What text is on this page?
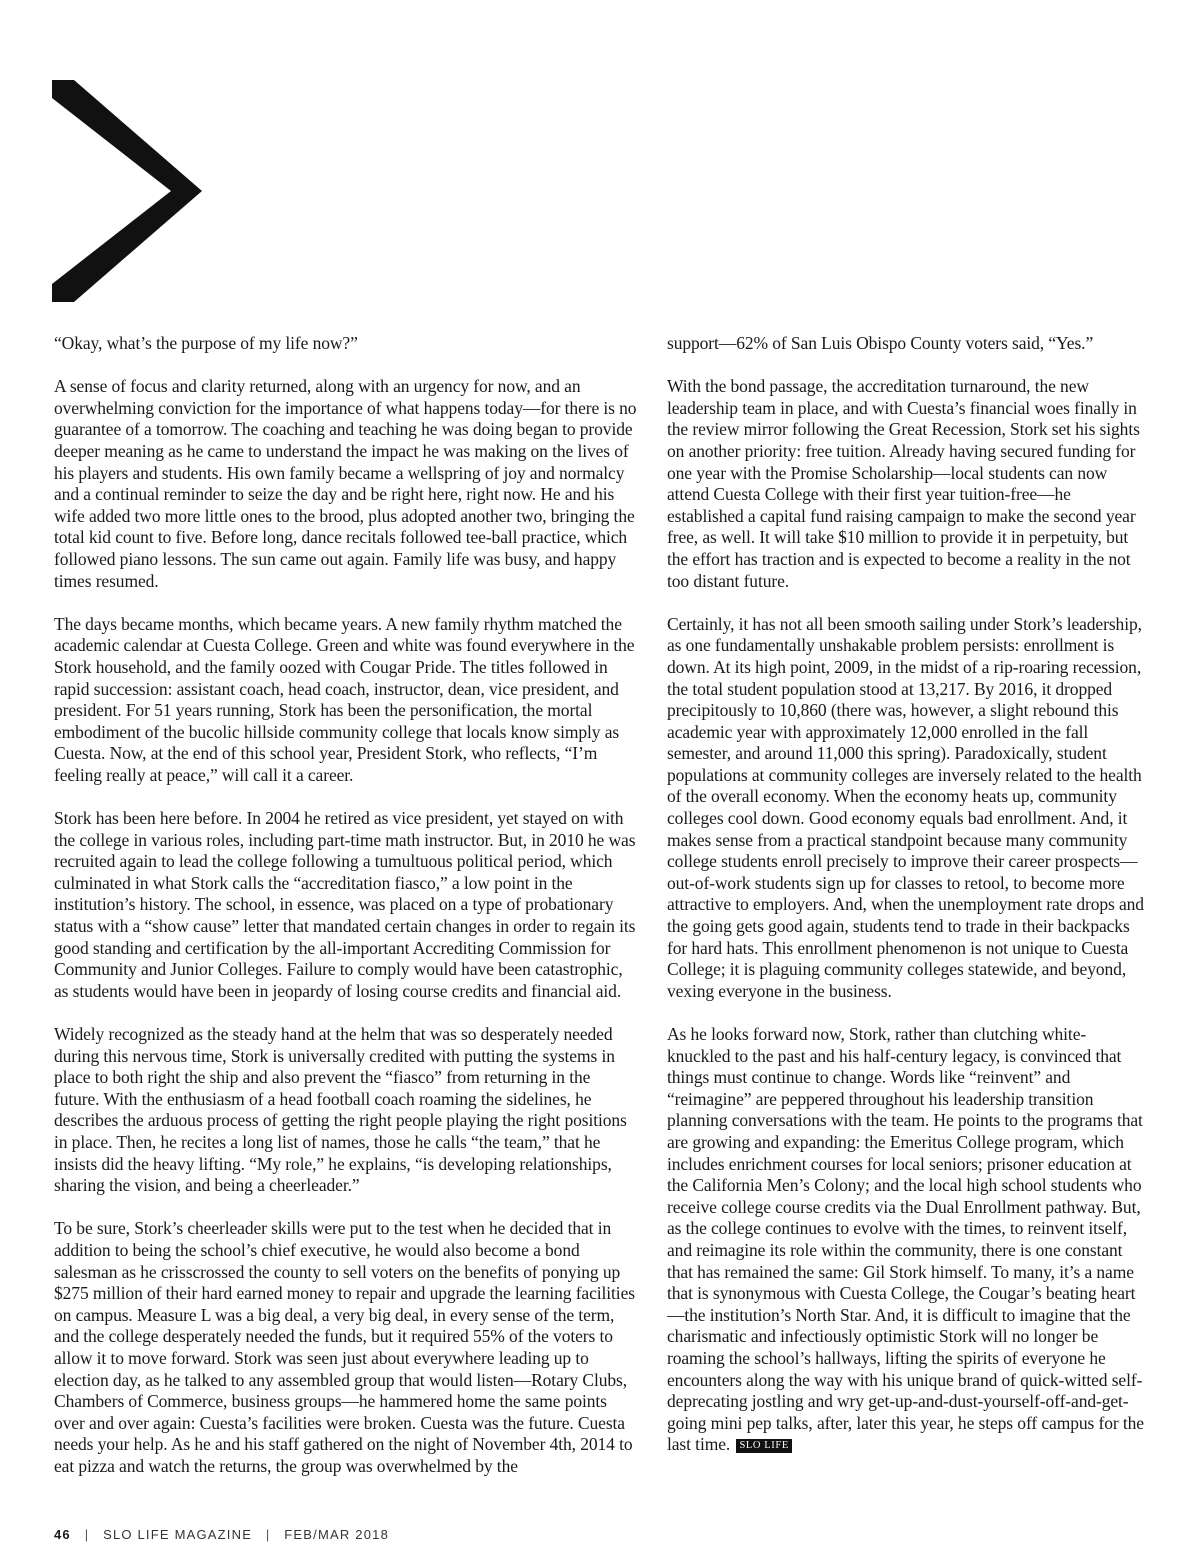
“Okay, what’s the purpose of my life now?”

A sense of focus and clarity returned, along with an urgency for now, and an overwhelming conviction for the importance of what happens today—for there is no guarantee of a tomorrow. The coaching and teaching he was doing began to provide deeper meaning as he came to understand the impact he was making on the lives of his players and students. His own family became a wellspring of joy and normalcy and a continual reminder to seize the day and be right here, right now. He and his wife added two more little ones to the brood, plus adopted another two, bringing the total kid count to five. Before long, dance recitals followed tee-ball practice, which followed piano lessons. The sun came out again. Family life was busy, and happy times resumed.

The days became months, which became years. A new family rhythm matched the academic calendar at Cuesta College. Green and white was found everywhere in the Stork household, and the family oozed with Cougar Pride. The titles followed in rapid succession: assistant coach, head coach, instructor, dean, vice president, and president. For 51 years running, Stork has been the personification, the mortal embodiment of the bucolic hillside community college that locals know simply as Cuesta. Now, at the end of this school year, President Stork, who reflects, “I’m feeling really at peace,” will call it a career.

Stork has been here before. In 2004 he retired as vice president, yet stayed on with the college in various roles, including part-time math instructor. But, in 2010 he was recruited again to lead the college following a tumultuous political period, which culminated in what Stork calls the “accreditation fiasco,” a low point in the institution’s history. The school, in essence, was placed on a type of probationary status with a “show cause” letter that mandated certain changes in order to regain its good standing and certification by the all-important Accrediting Commission for Community and Junior Colleges. Failure to comply would have been catastrophic, as students would have been in jeopardy of losing course credits and financial aid.

Widely recognized as the steady hand at the helm that was so desperately needed during this nervous time, Stork is universally credited with putting the systems in place to both right the ship and also prevent the “fiasco” from returning in the future. With the enthusiasm of a head football coach roaming the sidelines, he describes the arduous process of getting the right people playing the right positions in place. Then, he recites a long list of names, those he calls “the team,” that he insists did the heavy lifting. “My role,” he explains, “is developing relationships, sharing the vision, and being a cheerleader.”

To be sure, Stork’s cheerleader skills were put to the test when he decided that in addition to being the school’s chief executive, he would also become a bond salesman as he crisscrossed the county to sell voters on the benefits of ponying up $275 million of their hard earned money to repair and upgrade the learning facilities on campus. Measure L was a big deal, a very big deal, in every sense of the term, and the college desperately needed the funds, but it required 55% of the voters to allow it to move forward. Stork was seen just about everywhere leading up to election day, as he talked to any assembled group that would listen—Rotary Clubs, Chambers of Commerce, business groups—he hammered home the same points over and over again: Cuesta’s facilities were broken. Cuesta was the future. Cuesta needs your help. As he and his staff gathered on the night of November 4th, 2014 to eat pizza and watch the returns, the group was overwhelmed by the

support—62% of San Luis Obispo County voters said, “Yes.”

With the bond passage, the accreditation turnaround, the new leadership team in place, and with Cuesta’s financial woes finally in the review mirror following the Great Recession, Stork set his sights on another priority: free tuition. Already having secured funding for one year with the Promise Scholarship—local students can now attend Cuesta College with their first year tuition-free—he established a capital fund raising campaign to make the second year free, as well. It will take $10 million to provide it in perpetuity, but the effort has traction and is expected to become a reality in the not too distant future.

Certainly, it has not all been smooth sailing under Stork’s leadership, as one fundamentally unshakable problem persists: enrollment is down. At its high point, 2009, in the midst of a rip-roaring recession, the total student population stood at 13,217. By 2016, it dropped precipitously to 10,860 (there was, however, a slight rebound this academic year with approximately 12,000 enrolled in the fall semester, and around 11,000 this spring). Paradoxically, student populations at community colleges are inversely related to the health of the overall economy. When the economy heats up, community colleges cool down. Good economy equals bad enrollment. And, it makes sense from a practical standpoint because many community college students enroll precisely to improve their career prospects—out-of-work students sign up for classes to retool, to become more attractive to employers. And, when the unemployment rate drops and the going gets good again, students tend to trade in their backpacks for hard hats. This enrollment phenomenon is not unique to Cuesta College; it is plaguing community colleges statewide, and beyond, vexing everyone in the business.

As he looks forward now, Stork, rather than clutching white-knuckled to the past and his half-century legacy, is convinced that things must continue to change. Words like “reinvent” and “reimagine” are peppered throughout his leadership transition planning conversations with the team. He points to the programs that are growing and expanding: the Emeritus College program, which includes enrichment courses for local seniors; prisoner education at the California Men’s Colony; and the local high school students who receive college course credits via the Dual Enrollment pathway. But, as the college continues to evolve with the times, to reinvent itself, and reimagine its role within the community, there is one constant that has remained the same: Gil Stork himself. To many, it’s a name that is synonymous with Cuesta College, the Cougar’s beating heart—the institution’s North Star. And, it is difficult to imagine that the charismatic and infectiously optimistic Stork will no longer be roaming the school’s hallways, lifting the spirits of everyone he encounters along the way with his unique brand of quick-witted self-deprecating jostling and wry get-up-and-dust-yourself-off-and-get-going mini pep talks, after, later this year, he steps off campus for the last time. SLO LIFE

46 | SLO LIFE MAGAZINE | FEB/MAR 2018
